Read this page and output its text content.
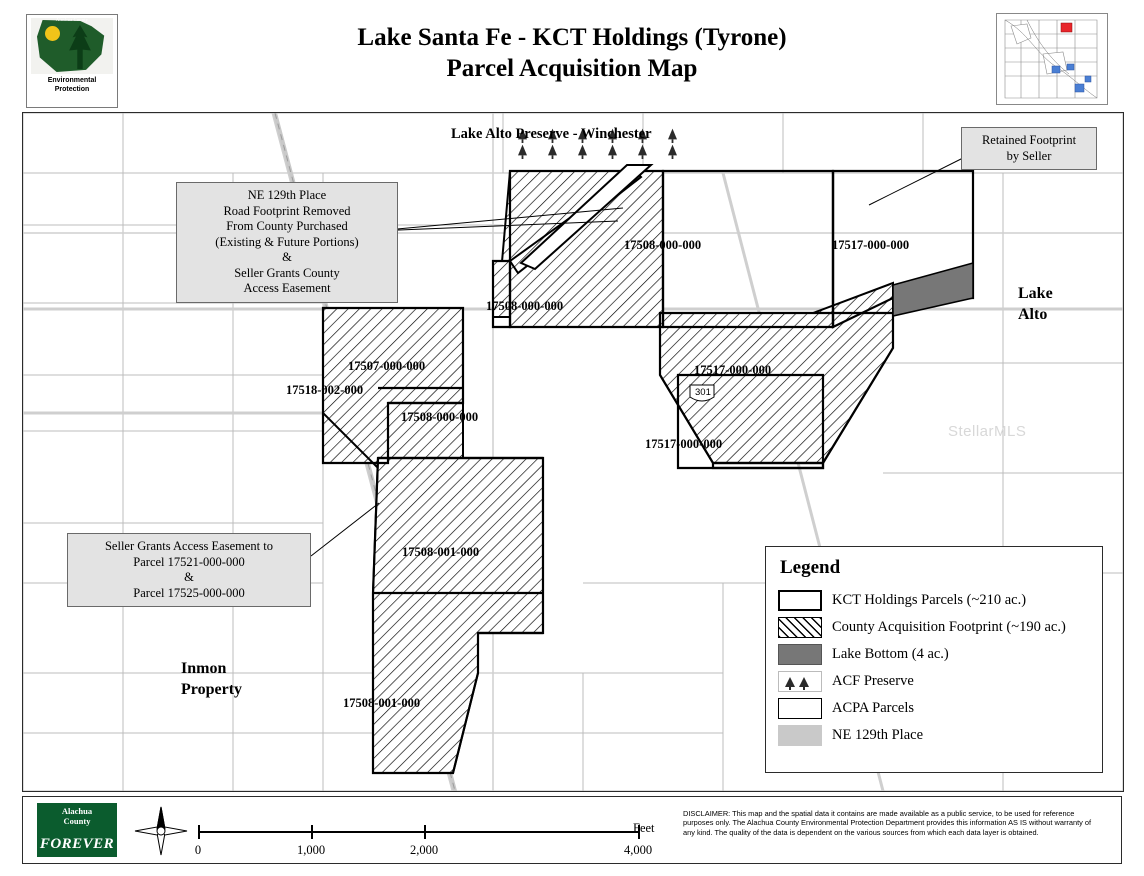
Alachua County
Environmental
Protection
Lake Santa Fe - KCT Holdings (Tyrone)
Parcel Acquisition Map
Lake Alto Preserve - Winchester
17508-000-000
17508-000-000
17517-000-000
17507-000-000
17518-002-000
17508-000-000
17517-000-000
17517-000-000
17508-001-000
17508-001-000
Lake
Alto
Inmon
Property
301
StellarMLS
NE 129th Place
Road Footprint Removed
From County Purchased
(Existing & Future Portions)
&
Seller Grants County
Access Easement
Seller Grants Access Easement to
Parcel 17521-000-000
&
Parcel 17525-000-000
Retained Footprint
by Seller
Legend
KCT Holdings Parcels (~210 ac.)
County Acquisition Footprint (~190 ac.)
Lake Bottom (4 ac.)
ACF Preserve
ACPA Parcels
NE 129th Place
Alachua
County
FOREVER	0	1,000	2,000	4,000
Feet
DISCLAIMER: This map and the spatial data it contains are made available as a public service, to be used for reference purposes only. The Alachua County Environmental Protection Department provides this information AS IS without warranty of any kind. The quality of the data is dependent on the various sources from which each data layer is obtained.
